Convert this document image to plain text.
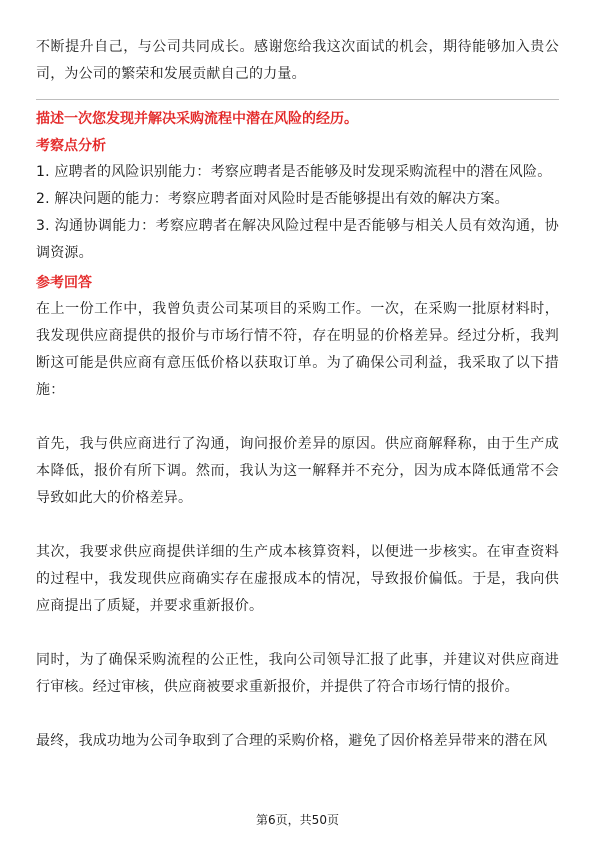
不断提升自己，与公司共同成长。感谢您给我这次面试的机会，期待能够加入贵公司，为公司的繁荣和发展贡献自己的力量。

描述一次您发现并解决采购流程中潜在风险的经历。

考察点分析

1. 应聘者的风险识别能力：考察应聘者是否能够及时发现采购流程中的潜在风险。

2. 解决问题的能力：考察应聘者面对风险时是否能够提出有效的解决方案。

3. 沟通协调能力：考察应聘者在解决风险过程中是否能够与相关人员有效沟通，协调资源。

参考回答

在上一份工作中，我曾负责公司某项目的采购工作。一次，在采购一批原材料时，我发现供应商提供的报价与市场行情不符，存在明显的价格差异。经过分析，我判断这可能是供应商有意压低价格以获取订单。为了确保公司利益，我采取了以下措施：

首先，我与供应商进行了沟通，询问报价差异的原因。供应商解释称，由于生产成本降低，报价有所下调。然而，我认为这一解释并不充分，因为成本降低通常不会导致如此大的价格差异。

其次，我要求供应商提供详细的生产成本核算资料，以便进一步核实。在审查资料的过程中，我发现供应商确实存在虚报成本的情况，导致报价偏低。于是，我向供应商提出了质疑，并要求重新报价。

同时，为了确保采购流程的公正性，我向公司领导汇报了此事，并建议对供应商进行审核。经过审核，供应商被要求重新报价，并提供了符合市场行情的报价。

最终，我成功地为公司争取到了合理的采购价格，避免了因价格差异带来的潜在风

第6页，共50页
